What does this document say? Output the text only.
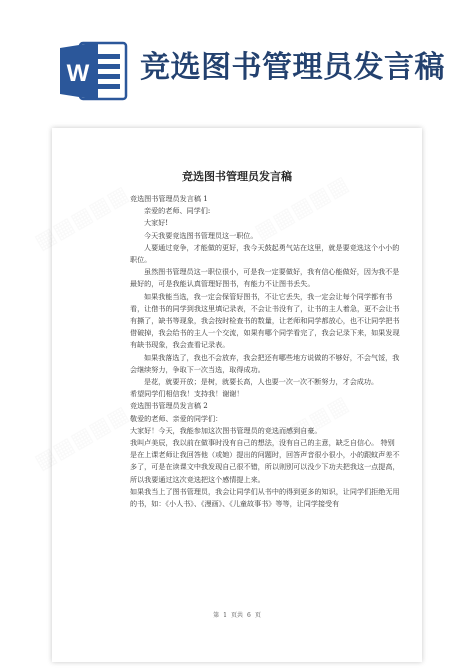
W 竞选图书管理员发言稿
竞选图书管理员发言稿

竞选图书管理员发言稿 1

亲爱的老师、同学们:

大家好!

今天我要竞选图书管理员这一职位。

人要通过竞争，才能做的更好，我今天鼓起勇气站在这里，就是要竞选这个小小的职位。

虽然图书管理员这一职位很小，可是我一定要做好，我有信心能做好，因为我不是最好的，可是我能认真管理好图书，有能力不让图书丢失。

如果我能当选，我一定会保管好图书，不让它丢失，我一定会让每个同学都有书看，让借书的同学到我这里填记录表，不会让书没有了，让书的主人着急，更不会让书有撕了，缺书等现象，我会按时检查书的数量，让老师和同学都放心，也不让同学把书借破掉，我会给书的主人一个交流，如果有哪个同学看完了，我会记录下来，如果发现有缺书现象，我会查看记录表。

如果我落选了，我也不会放弃，我会把还有哪些地方说做的不够好，不会气馁，我会继续努力，争取下一次当选，取得成功。

是花，就要开放；是树，就要长高，人也要一次一次不断努力，才会成功。

希望同学们相信我！支持我！谢谢！

竞选图书管理员发言稿 2

敬爱的老师、亲爱的同学们：

大家好！今天，我能参加这次图书管理员的竞选而感到自豪。

我叫卢美辰，我以前在做事时没有自己的想法，没有自己的主意，缺乏自信心。 特别是在上课老师让我回答他（或她）提出的问题时，回答声音很小很小，小的跟蚊声差不多了，可是在读课文中我发现自己很不错，所以则别可以没少下功夫把我这一点提高，所以我要通过这次竞选把这个感情提上来。

如果我当上了图书管理员，我会让同学们从书中的得到更多的知识，让同学们拒绝无用的书，如：《小人书》、《漫画》、《儿童故事书》等等，让同学接受有

第 1 页共 6 页
